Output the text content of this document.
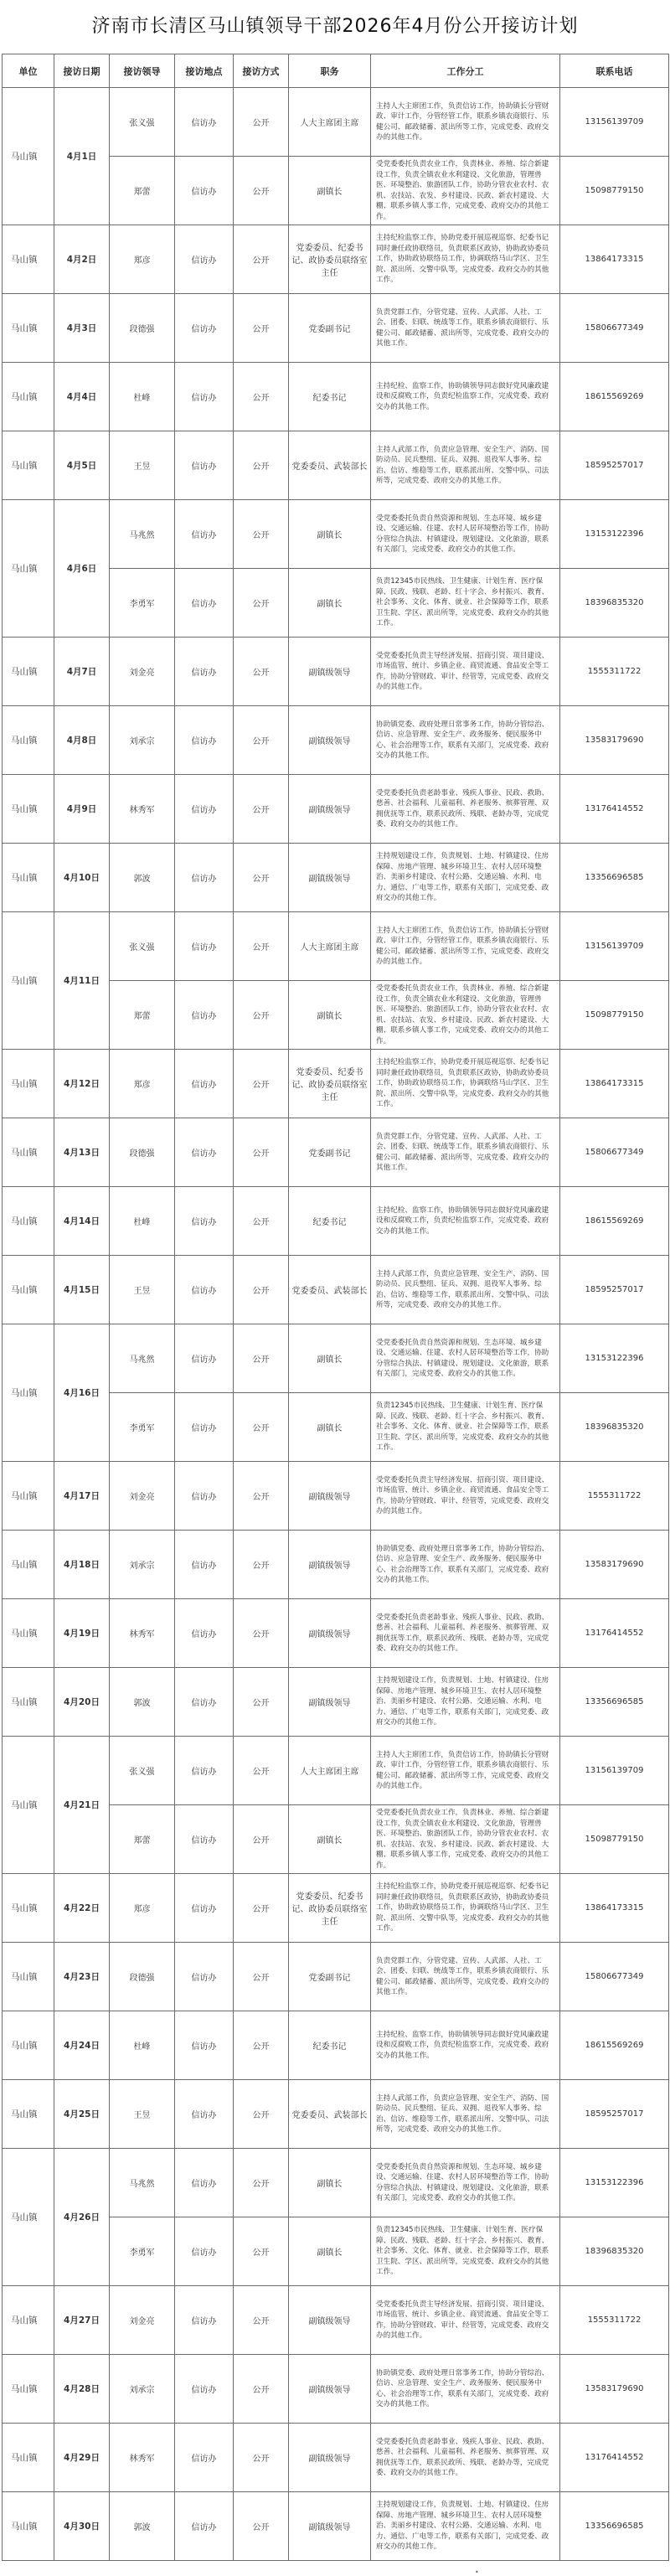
济南市长清区马山镇领导干部2026年4月份公开接访计划
单位	接访日期	接访领导	接访地点	接访方式	职务	工作分工	联系电话
马山镇	4月1日	张义强	信访办	公开	人大主席团主席	主持人大主席团工作，负责信访工作，协助镇长分管财政、审计工作，分管经管工作，联系乡镇农商银行、乐健公司、邮政储蓄、派出所等工作，完成党委、政府交办的其他工作。	13156139709
		郑蕾	信访办	公开	副镇长	受党委委托负责农业工作，负责林业、养殖、综合新建设工作，负责全镇农业水利建设、文化旅游，管理兽医、环境整治、旅游团队工作，协助分管农业农村、农机、农技站、农发、乡村建设、民政、新农村建设、大棚、联系乡镇人事工作，完成党委、政府交办的其他工作。	15098779150
马山镇	4月2日	郑彦	信访办	公开	党委委员、纪委书记、政协委员联络室主任	主持纪检监察工作，协助党委开展巡视巡察、纪委书记同时兼任政协联络员，负责联系区政协，协助政协委员工作，协助政协联络员工作，协调联络马山学区、卫生院、派出所、交警中队等，完成党委、政府交办的其他工作。	13864173315
马山镇	4月3日	段德强	信访办	公开	党委副书记	负责党群工作，分管党建、宣传、人武部、人社、工会、团委、妇联、统战等工作，联系乡镇农商银行、乐健公司、邮政储蓄、派出所等，完成党委、政府交办的其他工作。	15806677349
马山镇	4月4日	杜峰	信访办	公开	纪委书记	主持纪检、监察工作，协助镇领导同志做好党风廉政建设和反腐败工作，负责纪检监察工作，完成党委、政府交办的其他工作。	18615569269
马山镇	4月5日	王昱	信访办	公开	党委委员、武装部长	主持人武部工作，负责应急管理、安全生产、消防、国防动员、民兵整组、征兵、双拥、退役军人事务、综治、信访、维稳等工作，联系派出所、交警中队、司法所等，完成党委、政府交办的其他工作。	18595257017
马山镇	4月6日	马兆然	信访办	公开	副镇长	受党委委托负责自然资源和规划、生态环境、城乡建设、交通运输、住建、农村人居环境整治等工作，协助分管综合执法、村镇建设、规划建设、文化旅游，联系有关部门，完成党委、政府交办的其他工作。	13153122396
		李勇军	信访办	公开	副镇长	负责12345市民热线、卫生健康、计划生育、医疗保障、民政、残联、老龄、红十字会、乡村振兴、教育、社会事务、文化、体育、就业、社会保障等工作，联系卫生院、学区、派出所等，完成党委、政府交办的其他工作。	18396835320
马山镇	4月7日	刘金亮	信访办	公开	副镇级领导	受党委委托负责主导经济发展、招商引资、项目建设、市场监管、统计、乡镇企业、商贸流通、食品安全等工作，协助分管财政、审计、经管等，完成党委、政府交办的其他工作。	1555311722
马山镇	4月8日	刘承宗	信访办	公开	副镇级领导	协助镇党委、政府处理日常事务工作，协助分管综治、信访、应急管理、安全生产、政务服务、便民服务中心、社会治理等工作，联系有关部门，完成党委、政府交办的其他工作。	13583179690
马山镇	4月9日	林秀军	信访办	公开	副镇级领导	受党委委托负责老龄事业、残疾人事业、民政、救助、慈善、社会福利、儿童福利、养老服务、殡葬管理、双拥优抚等工作，联系民政所、残联、老龄办等，完成党委、政府交办的其他工作。	13176414552
马山镇	4月10日	郭波	信访办	公开	副镇级领导	主持规划建设工作，负责规划、土地、村镇建设、住房保障、房地产管理、城乡环境卫生、农村人居环境整治、美丽乡村建设、农村公路、交通运输、水利、电力、通信、广电等工作，联系有关部门，完成党委、政府交办的其他工作。	13356696585
马山镇	4月11日	张义强	信访办	公开	人大主席团主席	主持人大主席团工作，负责信访工作，协助镇长分管财政、审计工作，分管经管工作，联系乡镇农商银行、乐健公司、邮政储蓄、派出所等工作，完成党委、政府交办的其他工作。	13156139709
		郑蕾	信访办	公开	副镇长	受党委委托负责农业工作，负责林业、养殖、综合新建设工作，负责全镇农业水利建设、文化旅游，管理兽医、环境整治、旅游团队工作，协助分管农业农村、农机、农技站、农发、乡村建设、民政、新农村建设、大棚、联系乡镇人事工作，完成党委、政府交办的其他工作。	15098779150
马山镇	4月12日	郑彦	信访办	公开	党委委员、纪委书记、政协委员联络室主任	主持纪检监察工作，协助党委开展巡视巡察、纪委书记同时兼任政协联络员，负责联系区政协，协助政协委员工作，协助政协联络员工作，协调联络马山学区、卫生院、派出所、交警中队等，完成党委、政府交办的其他工作。	13864173315
马山镇	4月13日	段德强	信访办	公开	党委副书记	负责党群工作，分管党建、宣传、人武部、人社、工会、团委、妇联、统战等工作，联系乡镇农商银行、乐健公司、邮政储蓄、派出所等，完成党委、政府交办的其他工作。	15806677349
马山镇	4月14日	杜峰	信访办	公开	纪委书记	主持纪检、监察工作，协助镇领导同志做好党风廉政建设和反腐败工作，负责纪检监察工作，完成党委、政府交办的其他工作。	18615569269
马山镇	4月15日	王昱	信访办	公开	党委委员、武装部长	主持人武部工作，负责应急管理、安全生产、消防、国防动员、民兵整组、征兵、双拥、退役军人事务、综治、信访、维稳等工作，联系派出所、交警中队、司法所等，完成党委、政府交办的其他工作。	18595257017
马山镇	4月16日	马兆然	信访办	公开	副镇长	受党委委托负责自然资源和规划、生态环境、城乡建设、交通运输、住建、农村人居环境整治等工作，协助分管综合执法、村镇建设、规划建设、文化旅游，联系有关部门，完成党委、政府交办的其他工作。	13153122396
		李勇军	信访办	公开	副镇长	负责12345市民热线、卫生健康、计划生育、医疗保障、民政、残联、老龄、红十字会、乡村振兴、教育、社会事务、文化、体育、就业、社会保障等工作，联系卫生院、学区、派出所等，完成党委、政府交办的其他工作。	18396835320
马山镇	4月17日	刘金亮	信访办	公开	副镇级领导	受党委委托负责主导经济发展、招商引资、项目建设、市场监管、统计、乡镇企业、商贸流通、食品安全等工作，协助分管财政、审计、经管等，完成党委、政府交办的其他工作。	1555311722
马山镇	4月18日	刘承宗	信访办	公开	副镇级领导	协助镇党委、政府处理日常事务工作，协助分管综治、信访、应急管理、安全生产、政务服务、便民服务中心、社会治理等工作，联系有关部门，完成党委、政府交办的其他工作。	13583179690
马山镇	4月19日	林秀军	信访办	公开	副镇级领导	受党委委托负责老龄事业、残疾人事业、民政、救助、慈善、社会福利、儿童福利、养老服务、殡葬管理、双拥优抚等工作，联系民政所、残联、老龄办等，完成党委、政府交办的其他工作。	13176414552
马山镇	4月20日	郭波	信访办	公开	副镇级领导	主持规划建设工作，负责规划、土地、村镇建设、住房保障、房地产管理、城乡环境卫生、农村人居环境整治、美丽乡村建设、农村公路、交通运输、水利、电力、通信、广电等工作，联系有关部门，完成党委、政府交办的其他工作。	13356696585
马山镇	4月21日	张义强	信访办	公开	人大主席团主席	主持人大主席团工作，负责信访工作，协助镇长分管财政、审计工作，分管经管工作，联系乡镇农商银行、乐健公司、邮政储蓄、派出所等工作，完成党委、政府交办的其他工作。	13156139709
		郑蕾	信访办	公开	副镇长	受党委委托负责农业工作，负责林业、养殖、综合新建设工作，负责全镇农业水利建设、文化旅游，管理兽医、环境整治、旅游团队工作，协助分管农业农村、农机、农技站、农发、乡村建设、民政、新农村建设、大棚、联系乡镇人事工作，完成党委、政府交办的其他工作。	15098779150
马山镇	4月22日	郑彦	信访办	公开	党委委员、纪委书记、政协委员联络室主任	主持纪检监察工作，协助党委开展巡视巡察、纪委书记同时兼任政协联络员，负责联系区政协，协助政协委员工作，协助政协联络员工作，协调联络马山学区、卫生院、派出所、交警中队等，完成党委、政府交办的其他工作。	13864173315
马山镇	4月23日	段德强	信访办	公开	党委副书记	负责党群工作，分管党建、宣传、人武部、人社、工会、团委、妇联、统战等工作，联系乡镇农商银行、乐健公司、邮政储蓄、派出所等，完成党委、政府交办的其他工作。	15806677349
马山镇	4月24日	杜峰	信访办	公开	纪委书记	主持纪检、监察工作，协助镇领导同志做好党风廉政建设和反腐败工作，负责纪检监察工作，完成党委、政府交办的其他工作。	18615569269
马山镇	4月25日	王昱	信访办	公开	党委委员、武装部长	主持人武部工作，负责应急管理、安全生产、消防、国防动员、民兵整组、征兵、双拥、退役军人事务、综治、信访、维稳等工作，联系派出所、交警中队、司法所等，完成党委、政府交办的其他工作。	18595257017
马山镇	4月26日	马兆然	信访办	公开	副镇长	受党委委托负责自然资源和规划、生态环境、城乡建设、交通运输、住建、农村人居环境整治等工作，协助分管综合执法、村镇建设、规划建设、文化旅游，联系有关部门，完成党委、政府交办的其他工作。	13153122396
		李勇军	信访办	公开	副镇长	负责12345市民热线、卫生健康、计划生育、医疗保障、民政、残联、老龄、红十字会、乡村振兴、教育、社会事务、文化、体育、就业、社会保障等工作，联系卫生院、学区、派出所等，完成党委、政府交办的其他工作。	18396835320
马山镇	4月27日	刘金亮	信访办	公开	副镇级领导	受党委委托负责主导经济发展、招商引资、项目建设、市场监管、统计、乡镇企业、商贸流通、食品安全等工作，协助分管财政、审计、经管等，完成党委、政府交办的其他工作。	1555311722
马山镇	4月28日	刘承宗	信访办	公开	副镇级领导	协助镇党委、政府处理日常事务工作，协助分管综治、信访、应急管理、安全生产、政务服务、便民服务中心、社会治理等工作，联系有关部门，完成党委、政府交办的其他工作。	13583179690
马山镇	4月29日	林秀军	信访办	公开	副镇级领导	受党委委托负责老龄事业、残疾人事业、民政、救助、慈善、社会福利、儿童福利、养老服务、殡葬管理、双拥优抚等工作，联系民政所、残联、老龄办等，完成党委、政府交办的其他工作。	13176414552
马山镇	4月30日	郭波	信访办	公开	副镇级领导	主持规划建设工作，负责规划、土地、村镇建设、住房保障、房地产管理、城乡环境卫生、农村人居环境整治、美丽乡村建设、农村公路、交通运输、水利、电力、通信、广电等工作，联系有关部门，完成党委、政府交办的其他工作。	13356696585
•
